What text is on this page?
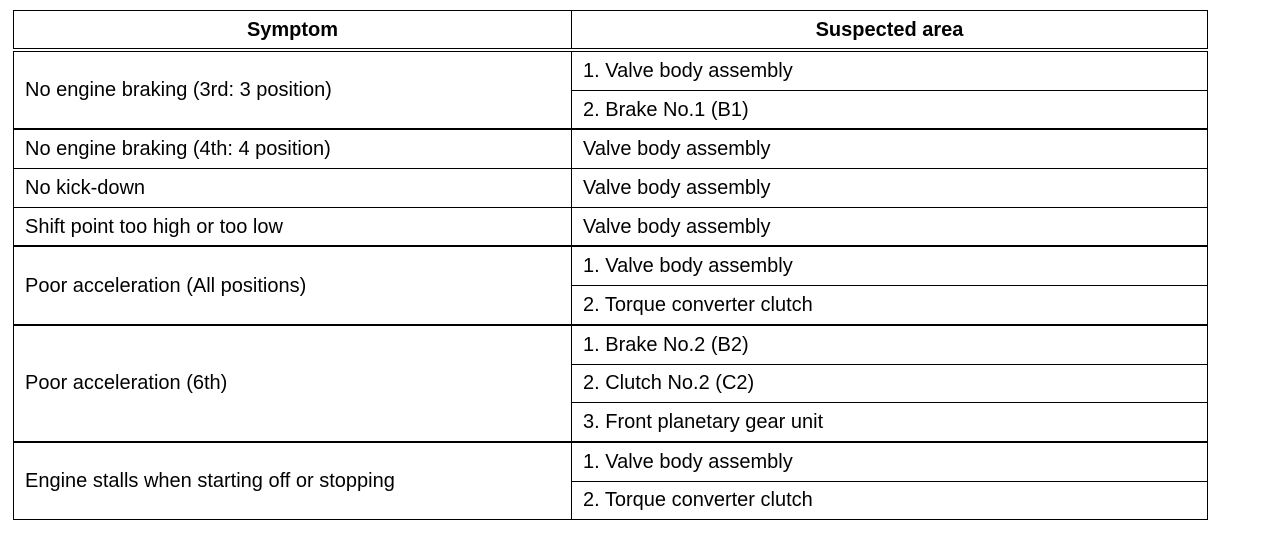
Symptom	Suspected area
No engine braking (3rd: 3 position)	1. Valve body assembly
	2. Brake No.1 (B1)
No engine braking (4th: 4 position)	Valve body assembly
No kick-down	Valve body assembly
Shift point too high or too low	Valve body assembly
Poor acceleration (All positions)	1. Valve body assembly
	2. Torque converter clutch
Poor acceleration (6th)	1. Brake No.2 (B2)
	2. Clutch No.2 (C2)
	3. Front planetary gear unit
Engine stalls when starting off or stopping	1. Valve body assembly
	2. Torque converter clutch
